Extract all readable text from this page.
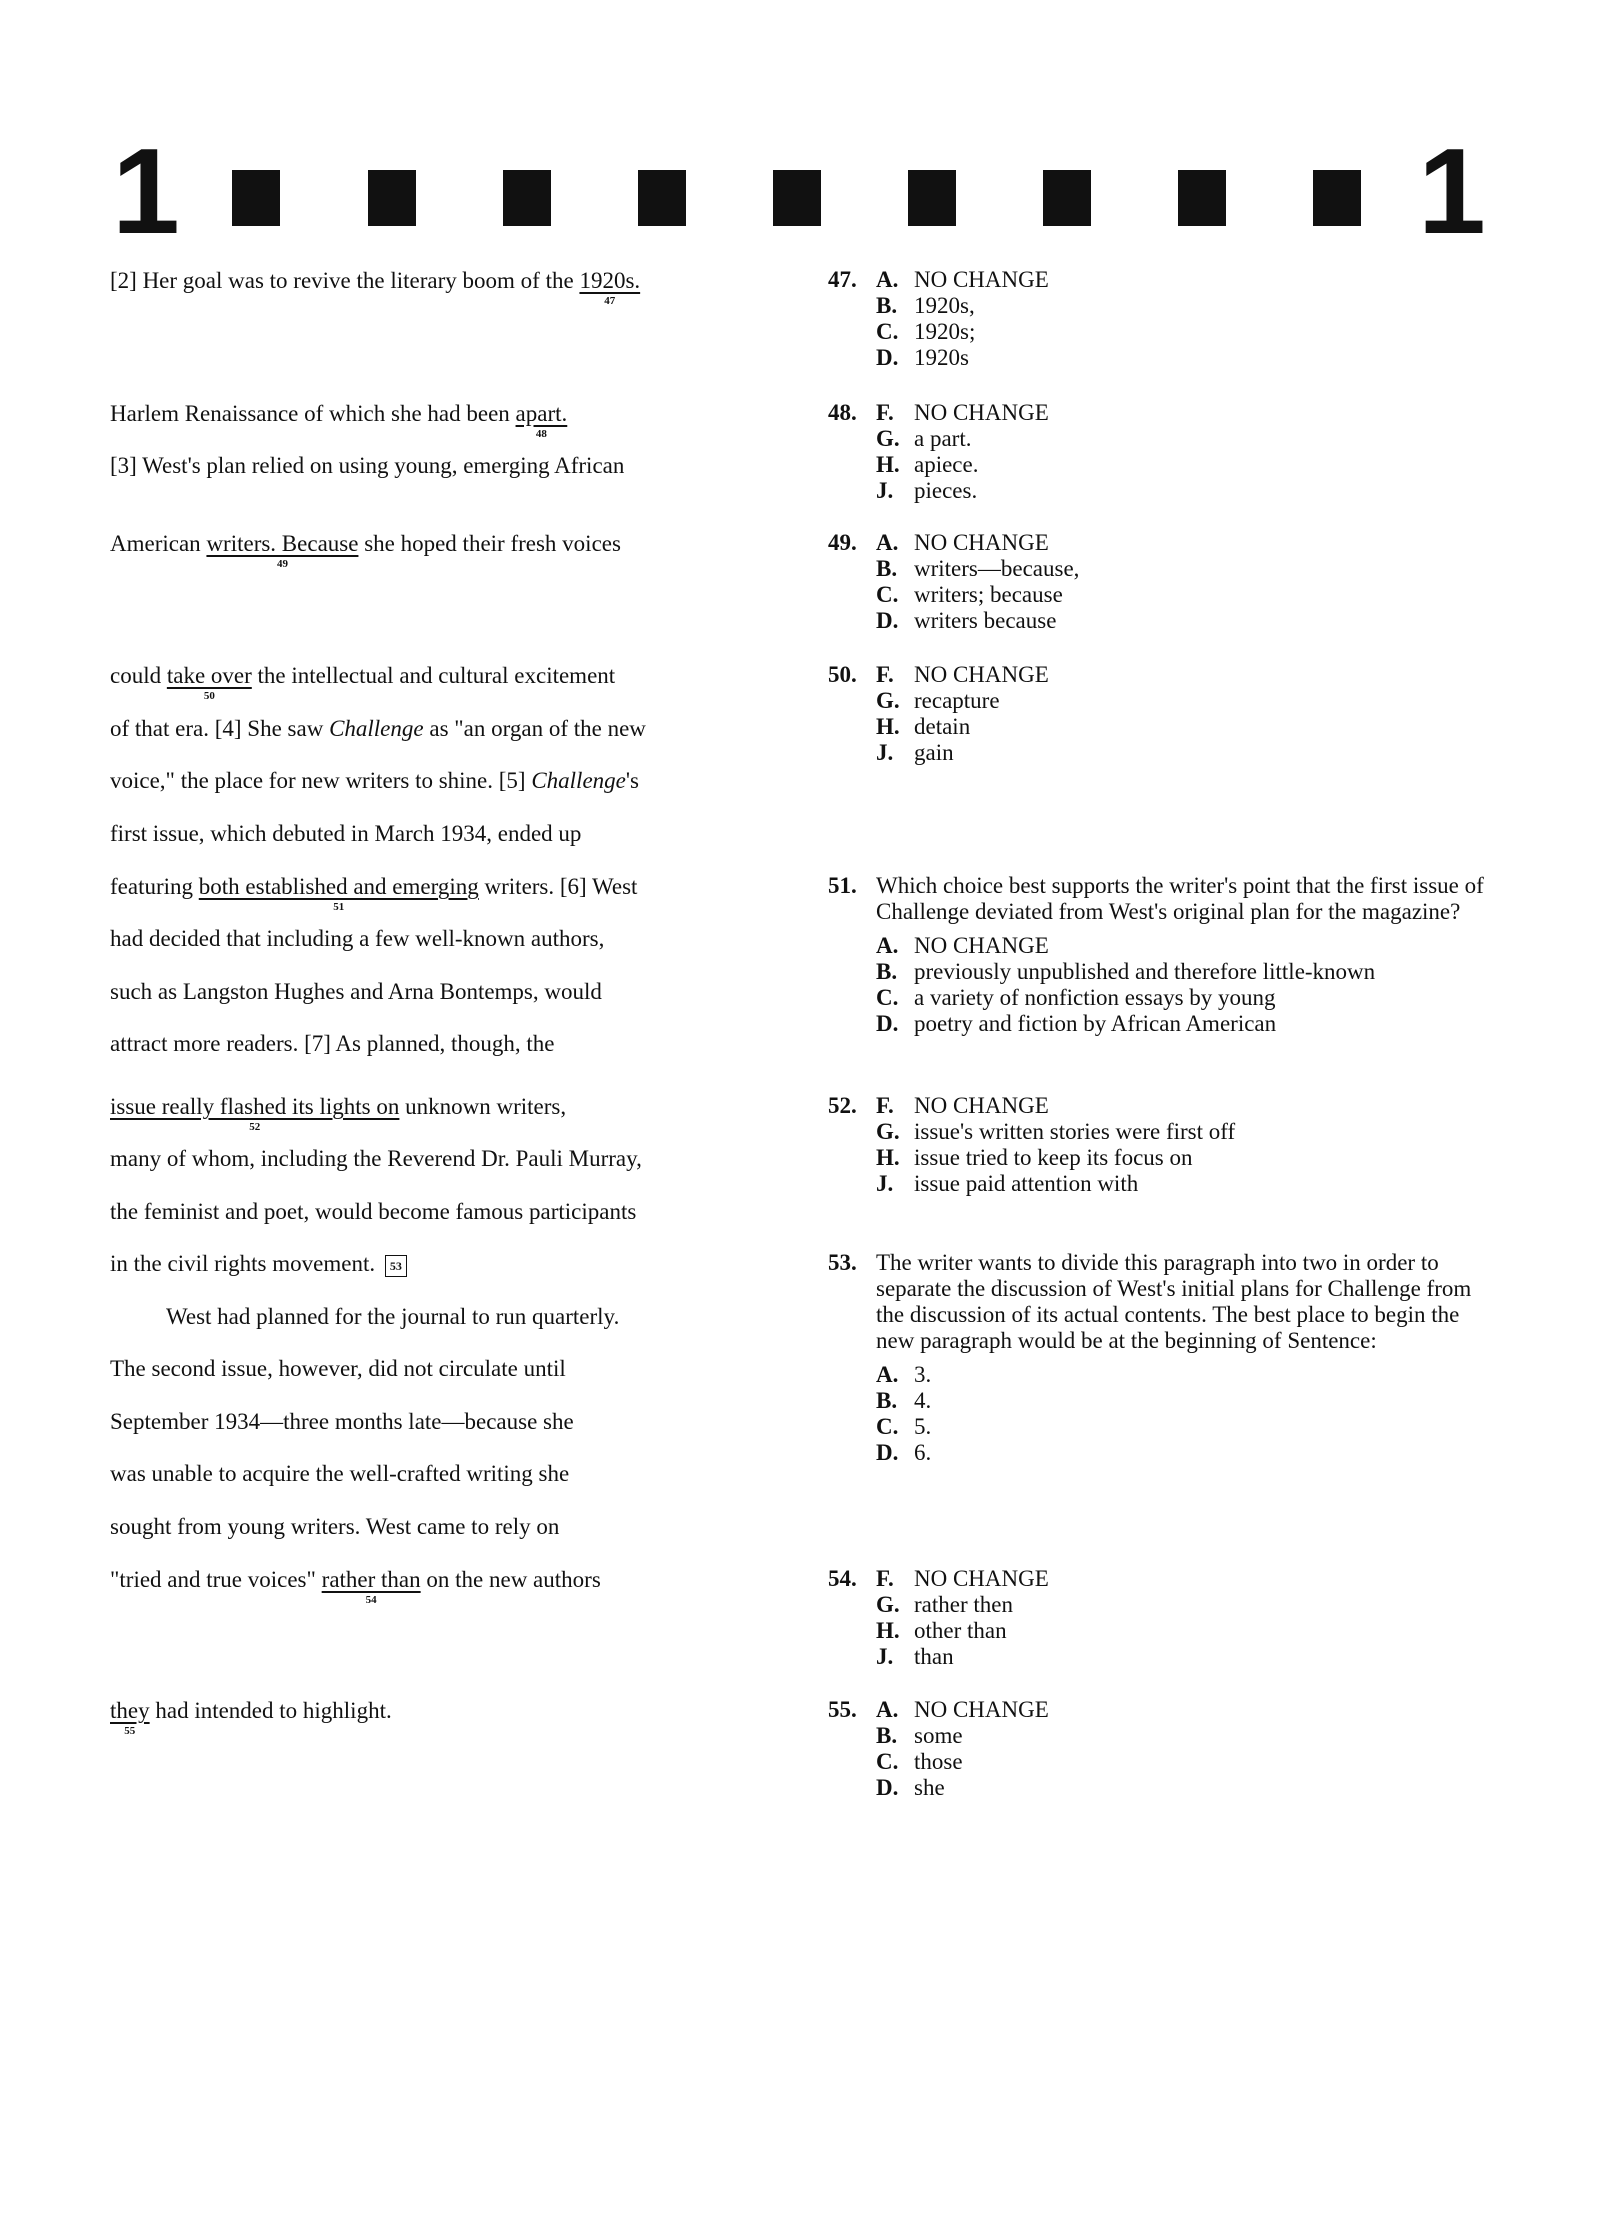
1	1
[2] Her goal was to revive the literary boom of the 1920s.
47
Harlem Renaissance of which she had been apart.
48
[3] West's plan relied on using young, emerging African
American writers. Because
49
she hoped their fresh voices
could take over
50
the intellectual and cultural excitement
of that era. [4] She saw Challenge as "an organ of the new
voice," the place for new writers to shine. [5] Challenge's
first issue, which debuted in March 1934, ended up
featuring both established and emerging
51
writers. [6] West
had decided that including a few well-known authors,
such as Langston Hughes and Arna Bontemps, would
attract more readers. [7] As planned, though, the
issue really flashed its lights on
52
unknown writers,
many of whom, including the Reverend Dr. Pauli Murray,
the feminist and poet, would become famous participants
in the civil rights movement. 53
West had planned for the journal to run quarterly.
The second issue, however, did not circulate until
September 1934—three months late—because she
was unable to acquire the well-crafted writing she
sought from young writers. West came to rely on
"tried and true voices" rather than
54
on the new authors
they
55
had intended to highlight.
47. A. NO CHANGE
B. 1920s,
C. 1920s;
D. 1920s
48. F. NO CHANGE
G. a part.
H. apiece.
J. pieces.
49. A. NO CHANGE
B. writers—because,
C. writers; because
D. writers because
50. F. NO CHANGE
G. recapture
H. detain
J. gain
51. Which choice best supports the writer's point that the first issue of Challenge deviated from West's original plan for the magazine?
A. NO CHANGE
B. previously unpublished and therefore little-known
C. a variety of nonfiction essays by young
D. poetry and fiction by African American
52. F. NO CHANGE
G. issue's written stories were first off
H. issue tried to keep its focus on
J. issue paid attention with
53. The writer wants to divide this paragraph into two in order to separate the discussion of West's initial plans for Challenge from the discussion of its actual contents. The best place to begin the new paragraph would be at the beginning of Sentence:
A. 3.
B. 4.
C. 5.
D. 6.
54. F. NO CHANGE
G. rather then
H. other than
J. than
55. A. NO CHANGE
B. some
C. those
D. she
